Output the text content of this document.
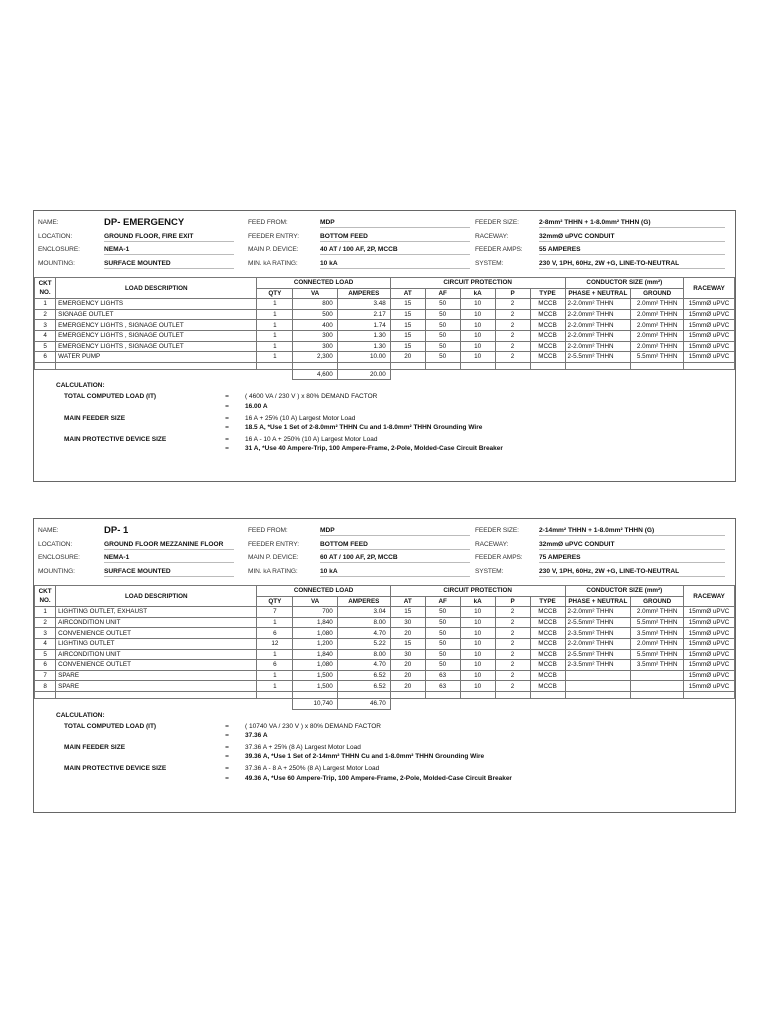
NAME:	DP- EMERGENCY	FEED FROM:	MDP	FEEDER SIZE:	2-8mm² THHN + 1-8.0mm² THHN (G)
LOCATION:	GROUND FLOOR, FIRE EXIT	FEEDER ENTRY:	BOTTOM FEED	RACEWAY:	32mmØ uPVC CONDUIT
ENCLOSURE:	NEMA-1	MAIN P. DEVICE:	40 AT / 100 AF, 2P, MCCB	FEEDER AMPS: 55 AMPERES
MOUNTING:	SURFACE MOUNTED	MIN. kA RATING:	10 kA	SYSTEM:	230 V, 1PH, 60Hz, 2W +G, LINE-TO-NEUTRAL
CKT
NO.	LOAD DESCRIPTION	CONNECTED LOAD			CIRCUIT PROTECTION					CONDUCTOR SIZE (mm²)		RACEWAY
		QTY	VA	AMPERES	AT	AF	kA	P	TYPE	PHASE + NEUTRAL	GROUND	
1	EMERGENCY LIGHTS	1	800	3.48	15	50	10	2	MCCB	2-2.0mm² THHN	2.0mm² THHN	15mmØ uPVC
2	SIGNAGE OUTLET	1	500	2.17	15	50	10	2	MCCB	2-2.0mm² THHN	2.0mm² THHN	15mmØ uPVC
3	EMERGENCY LIGHTS , SIGNAGE OUTLET	1	400	1.74	15	50	10	2	MCCB	2-2.0mm² THHN	2.0mm² THHN	15mmØ uPVC
4	EMERGENCY LIGHTS , SIGNAGE OUTLET	1	300	1.30	15	50	10	2	MCCB	2-2.0mm² THHN	2.0mm² THHN	15mmØ uPVC
5	EMERGENCY LIGHTS , SIGNAGE OUTLET	1	300	1.30	15	50	10	2	MCCB	2-2.0mm² THHN	2.0mm² THHN	15mmØ uPVC
6	WATER PUMP	1	2,300	10.00	20	50	10	2	MCCB	2-5.5mm² THHN	5.5mm² THHN	15mmØ uPVC

			4,600	20.00								
CALCULATION:
TOTAL COMPUTED LOAD (IT)	=	( 4600 VA / 230 V ) x 80% DEMAND FACTOR
=	16.00 A
MAIN FEEDER SIZE	=	16 A + 25% (10 A) Largest Motor Load
=	18.5 A, *Use 1 Set of 2-8.0mm² THHN Cu and 1-8.0mm² THHN Grounding Wire
MAIN PROTECTIVE DEVICE SIZE	=	16 A - 10 A + 250% (10 A) Largest Motor Load
=	31 A, *Use 40 Ampere-Trip, 100 Ampere-Frame, 2-Pole, Molded-Case Circuit Breaker
NAME:	DP- 1	FEED FROM:	MDP	FEEDER SIZE:	2-14mm² THHN + 1-8.0mm² THHN (G)
LOCATION:	GROUND FLOOR MEZZANINE FLOOR	FEEDER ENTRY:	BOTTOM FEED	RACEWAY:	32mmØ uPVC CONDUIT
ENCLOSURE:	NEMA-1	MAIN P. DEVICE:	60 AT / 100 AF, 2P, MCCB	FEEDER AMPS: 75 AMPERES
MOUNTING:	SURFACE MOUNTED	MIN. kA RATING:	10 kA	SYSTEM:	230 V, 1PH, 60Hz, 2W +G, LINE-TO-NEUTRAL
CKT
NO.	LOAD DESCRIPTION	CONNECTED LOAD			CIRCUIT PROTECTION					CONDUCTOR SIZE (mm²)		RACEWAY
		QTY	VA	AMPERES	AT	AF	kA	P	TYPE	PHASE + NEUTRAL	GROUND	
1	LIGHTING OUTLET, EXHAUST	7	700	3.04	15	50	10	2	MCCB	2-2.0mm² THHN	2.0mm² THHN	15mmØ uPVC
2	AIRCONDITION UNIT	1	1,840	8.00	30	50	10	2	MCCB	2-5.5mm² THHN	5.5mm² THHN	15mmØ uPVC
3	CONVENIENCE OUTLET	6	1,080	4.70	20	50	10	2	MCCB	2-3.5mm² THHN	3.5mm² THHN	15mmØ uPVC
4	LIGHTING OUTLET	12	1,200	5.22	15	50	10	2	MCCB	2-2.0mm² THHN	2.0mm² THHN	15mmØ uPVC
5	AIRCONDITION UNIT	1	1,840	8.00	30	50	10	2	MCCB	2-5.5mm² THHN	5.5mm² THHN	15mmØ uPVC
6	CONVENIENCE OUTLET	6	1,080	4.70	20	50	10	2	MCCB	2-3.5mm² THHN	3.5mm² THHN	15mmØ uPVC
7	SPARE	1	1,500	6.52	20	63	10	2	MCCB			15mmØ uPVC
8	SPARE	1	1,500	6.52	20	63	10	2	MCCB			15mmØ uPVC

			10,740	46.70								
CALCULATION:
TOTAL COMPUTED LOAD (IT)	=	( 10740 VA / 230 V ) x 80% DEMAND FACTOR
=	37.36 A
MAIN FEEDER SIZE	=	37.36 A + 25% (8 A) Largest Motor Load
=	39.36 A, *Use 1 Set of 2-14mm² THHN Cu and 1-8.0mm² THHN Grounding Wire
MAIN PROTECTIVE DEVICE SIZE	=	37.36 A - 8 A + 250% (8 A) Largest Motor Load
=	49.36 A, *Use 60 Ampere-Trip, 100 Ampere-Frame, 2-Pole, Molded-Case Circuit Breaker
